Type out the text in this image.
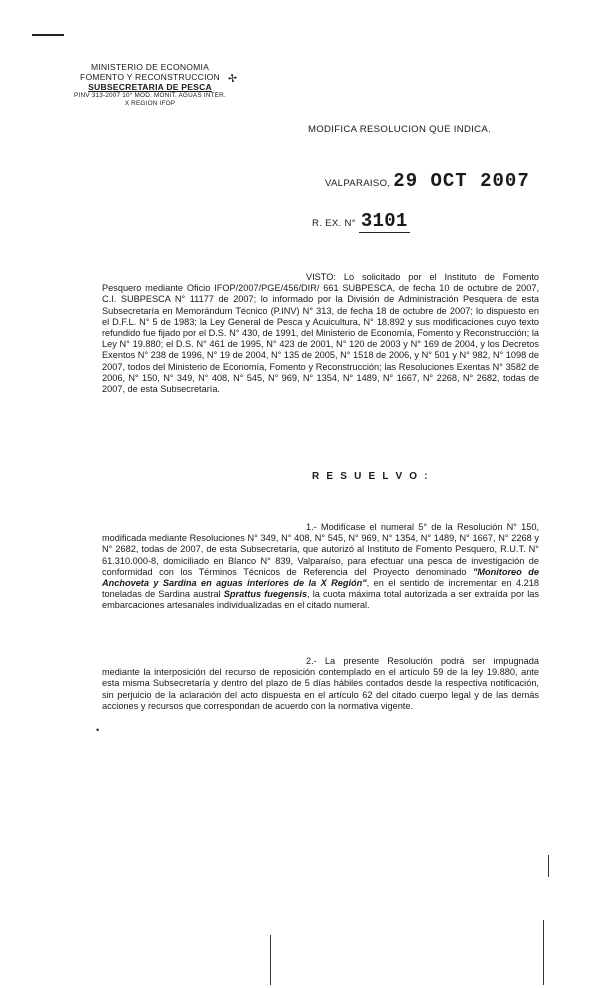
MINISTERIO DE ECONOMIA
FOMENTO Y RECONSTRUCCION
SUBSECRETARIA DE PESCA
PINV 313-2007 10° MOD. MONIT. AGUAS INTER.
X REGION IFOP
✢
MODIFICA RESOLUCION QUE INDICA.
VALPARAISO, 29 OCT 2007
R. EX. N° 3101
VISTO: Lo solicitado por el Instituto de Fomento Pesquero mediante Oficio IFOP/2007/PGE/456/DIR/ 661 SUBPESCA, de fecha 10 de octubre de 2007, C.I. SUBPESCA N° 11177 de 2007; lo informado por la División de Administración Pesquera de esta Subsecretaría en Memorándum Técnico (P.INV) N° 313, de fecha 18 de octubre de 2007; lo dispuesto en el D.F.L. N° 5 de 1983; la Ley General de Pesca y Acuicultura, N° 18.892 y sus modificaciones cuyo texto refundido fue fijado por el D.S. N° 430, de 1991, del Ministerio de Economía, Fomento y Reconstrucción; la Ley N° 19.880; el D.S. N° 461 de 1995, N° 423 de 2001, N° 120 de 2003 y N° 169 de 2004, y los Decretos Exentos N° 238 de 1996, N° 19 de 2004, N° 135 de 2005, N° 1518 de 2006, y N° 501 y N° 982, N° 1098 de 2007, todos del Ministerio de Economía, Fomento y Reconstrucción; las Resoluciones Exentas N° 3582 de 2006, N° 150, N° 349, N° 408, N° 545, N° 969, N° 1354, N° 1489, N° 1667, N° 2268, N° 2682, todas de 2007, de esta Subsecretaría.
R E S U E L V O :
1.- Modifícase el numeral 5° de la Resolución N° 150, modificada mediante Resoluciones N° 349, N° 408, N° 545, N° 969, N° 1354, N° 1489, N° 1667, N° 2268 y N° 2682, todas de 2007, de esta Subsecretaría, que autorizó al Instituto de Fomento Pesquero, R.U.T. N° 61.310.000-8, domiciliado en Blanco N° 839, Valparaíso, para efectuar una pesca de investigación de conformidad con los Términos Técnicos de Referencia del Proyecto denominado "Monitoreo de Anchoveta y Sardina en aguas interiores de la X Región", en el sentido de incrementar en 4.218 toneladas de Sardina austral Sprattus fuegensis, la cuota máxima total autorizada a ser extraída por las embarcaciones artesanales individualizadas en el citado numeral.
2.- La presente Resolución podrá ser impugnada mediante la interposición del recurso de reposición contemplado en el artículo 59 de la ley 19.880, ante esta misma Subsecretaría y dentro del plazo de 5 días hábiles contados desde la respectiva notificación, sin perjuicio de la aclaración del acto dispuesta en el artículo 62 del citado cuerpo legal y de las demás acciones y recursos que correspondan de acuerdo con la normativa vigente.
•
